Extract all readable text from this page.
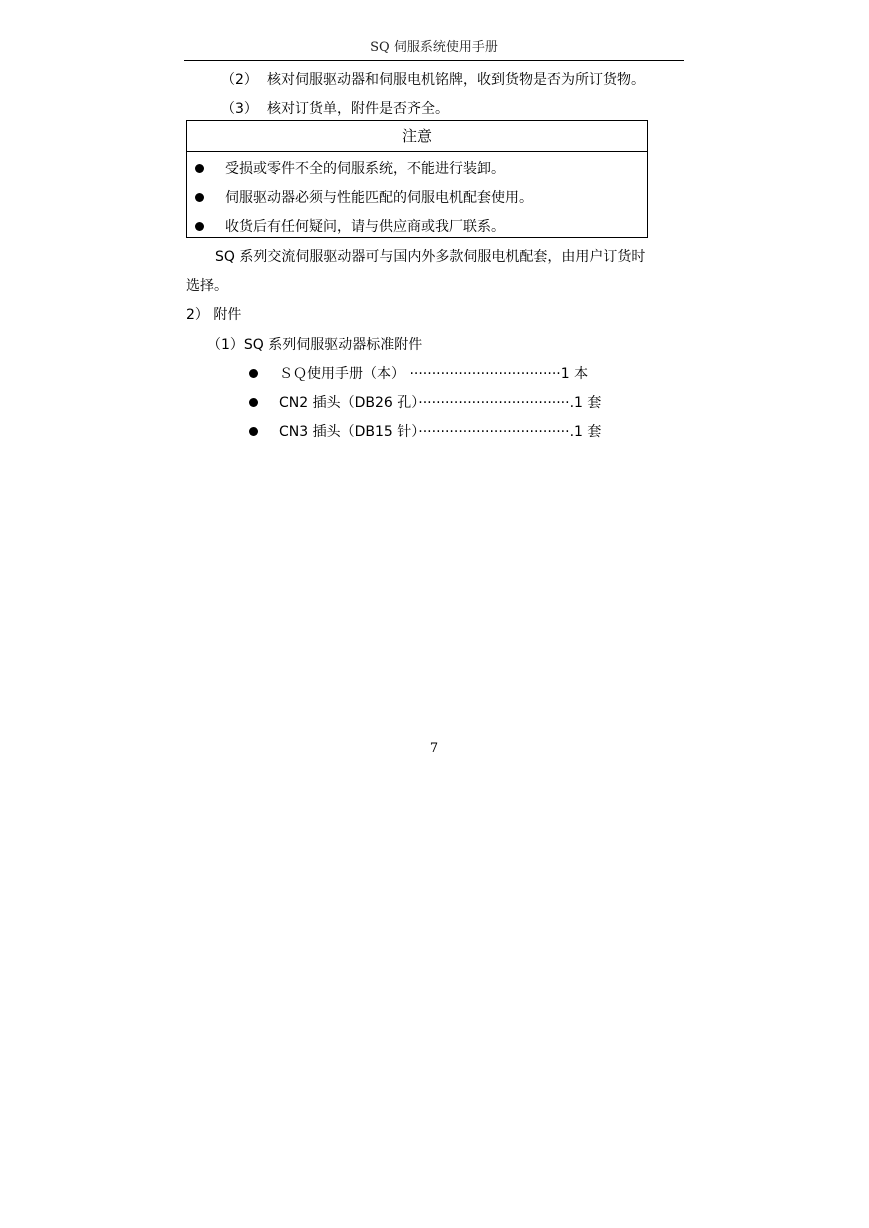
SQ 伺服系统使用手册
（2） 核对伺服驱动器和伺服电机铭牌，收到货物是否为所订货物。
（3） 核对订货单，附件是否齐全。
注意
受损或零件不全的伺服系统，不能进行装卸。
伺服驱动器必须与性能匹配的伺服电机配套使用。
收货后有任何疑问，请与供应商或我厂联系。
SQ 系列交流伺服驱动器可与国内外多款伺服电机配套，由用户订货时
选择。
2） 附件
（1）SQ 系列伺服驱动器标准附件
ＳＱ使用手册（本） ··································1 本
CN2 插头（DB26 孔）··································.1 套
CN3 插头（DB15 针）··································.1 套
7
